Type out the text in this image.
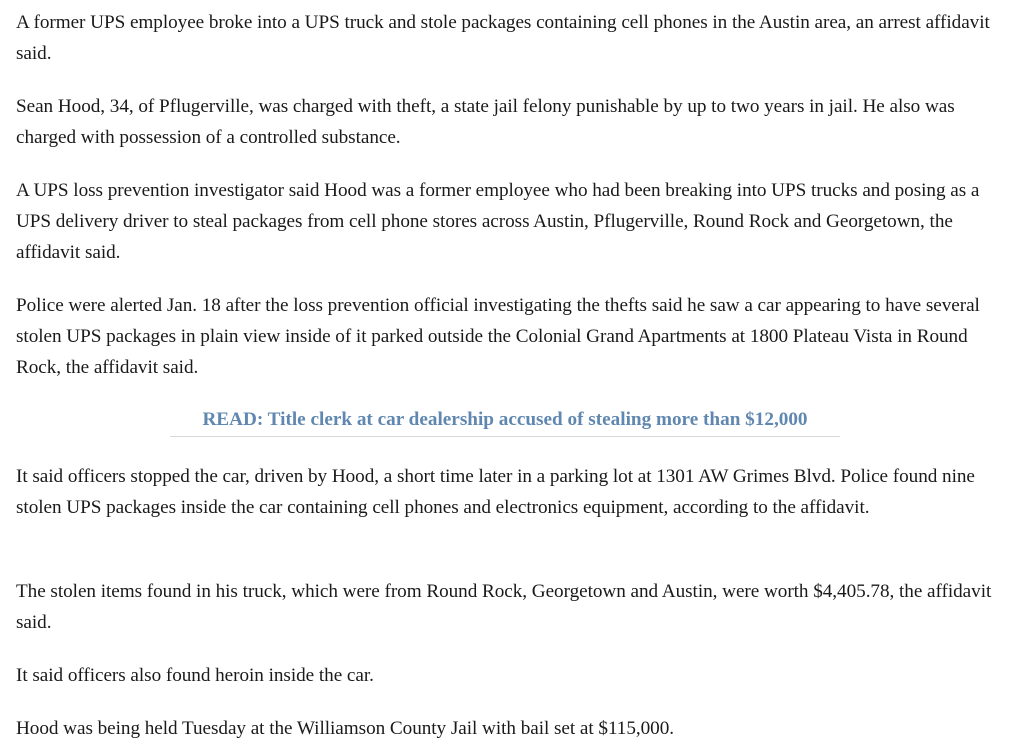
A former UPS employee broke into a UPS truck and stole packages containing cell phones in the Austin area, an arrest affidavit said.

Sean Hood, 34, of Pflugerville, was charged with theft, a state jail felony punishable by up to two years in jail. He also was charged with possession of a controlled substance.

A UPS loss prevention investigator said Hood was a former employee who had been breaking into UPS trucks and posing as a UPS delivery driver to steal packages from cell phone stores across Austin, Pflugerville, Round Rock and Georgetown, the affidavit said.

Police were alerted Jan. 18 after the loss prevention official investigating the thefts said he saw a car appearing to have several stolen UPS packages in plain view inside of it parked outside the Colonial Grand Apartments at 1800 Plateau Vista in Round Rock, the affidavit said.

READ: Title clerk at car dealership accused of stealing more than $12,000

It said officers stopped the car, driven by Hood, a short time later in a parking lot at 1301 AW Grimes Blvd. Police found nine stolen UPS packages inside the car containing cell phones and electronics equipment, according to the affidavit.

The stolen items found in his truck, which were from Round Rock, Georgetown and Austin, were worth $4,405.78, the affidavit said.

It said officers also found heroin inside the car.

Hood was being held Tuesday at the Williamson County Jail with bail set at $115,000.
